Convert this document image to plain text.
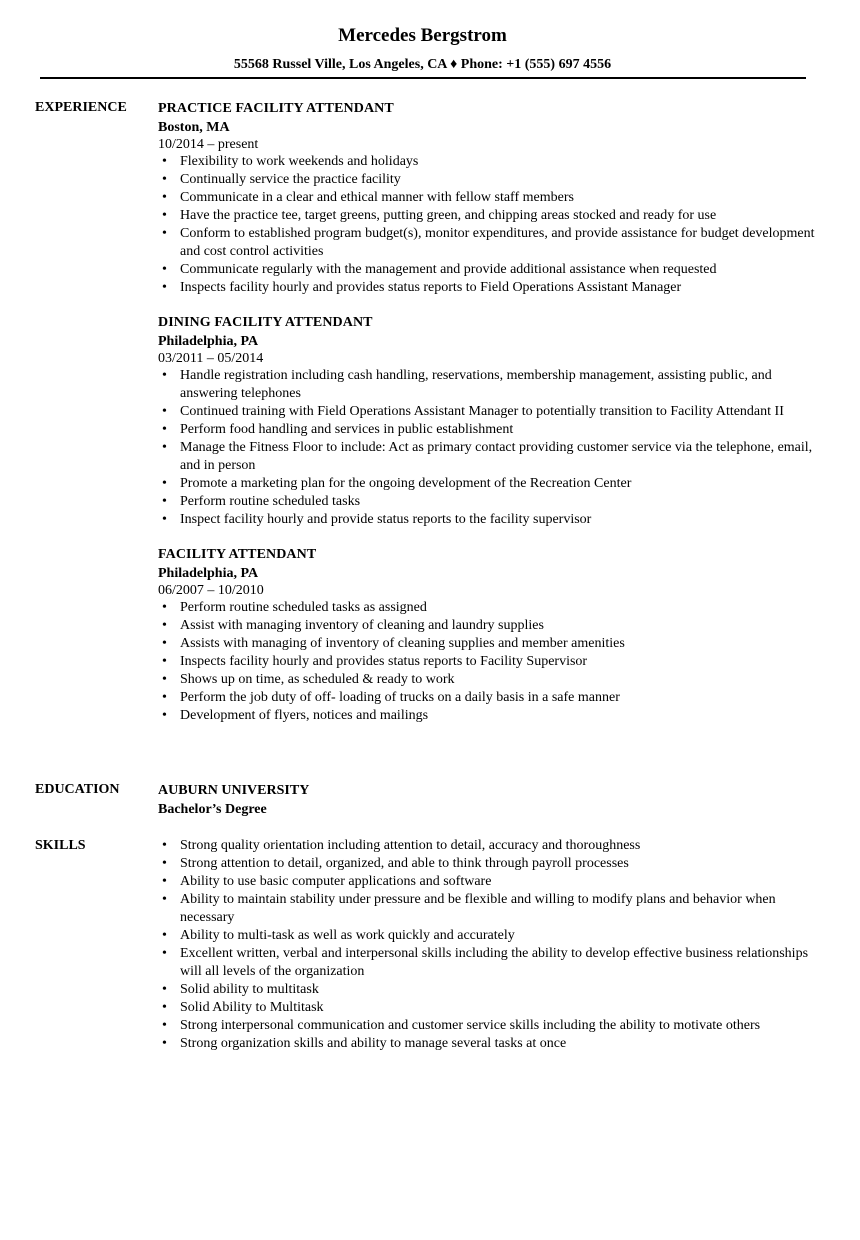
Mercedes Bergstrom
55568 Russel Ville, Los Angeles, CA ♦ Phone: +1 (555) 697 4556
EXPERIENCE PRACTICE FACILITY ATTENDANT
Boston, MA
10/2014 – present
• Flexibility to work weekends and holidays
• Continually service the practice facility
• Communicate in a clear and ethical manner with fellow staff members
• Have the practice tee, target greens, putting green, and chipping areas stocked and ready for use
• Conform to established program budget(s), monitor expenditures, and provide assistance for budget development and cost control activities
• Communicate regularly with the management and provide additional assistance when requested
• Inspects facility hourly and provides status reports to Field Operations Assistant Manager
DINING FACILITY ATTENDANT
Philadelphia, PA
03/2011 – 05/2014
• Handle registration including cash handling, reservations, membership management, assisting public, and answering telephones
• Continued training with Field Operations Assistant Manager to potentially transition to Facility Attendant II
• Perform food handling and services in public establishment
• Manage the Fitness Floor to include: Act as primary contact providing customer service via the telephone, email, and in person
• Promote a marketing plan for the ongoing development of the Recreation Center
• Perform routine scheduled tasks
• Inspect facility hourly and provide status reports to the facility supervisor
FACILITY ATTENDANT
Philadelphia, PA
06/2007 – 10/2010
• Perform routine scheduled tasks as assigned
• Assist with managing inventory of cleaning and laundry supplies
• Assists with managing of inventory of cleaning supplies and member amenities
• Inspects facility hourly and provides status reports to Facility Supervisor
• Shows up on time, as scheduled & ready to work
• Perform the job duty of off- loading of trucks on a daily basis in a safe manner
• Development of flyers, notices and mailings
EDUCATION	AUBURN UNIVERSITY
Bachelor’s Degree
SKILLS
•	Strong quality orientation including attention to detail, accuracy and thoroughness
• Strong attention to detail, organized, and able to think through payroll processes
• Ability to use basic computer applications and software
• Ability to maintain stability under pressure and be flexible and willing to modify plans and behavior when necessary
• Ability to multi-task as well as work quickly and accurately
• Excellent written, verbal and interpersonal skills including the ability to develop effective business relationships will all levels of the organization
• Solid ability to multitask
• Solid Ability to Multitask
• Strong interpersonal communication and customer service skills including the ability to motivate others
• Strong organization skills and ability to manage several tasks at once
